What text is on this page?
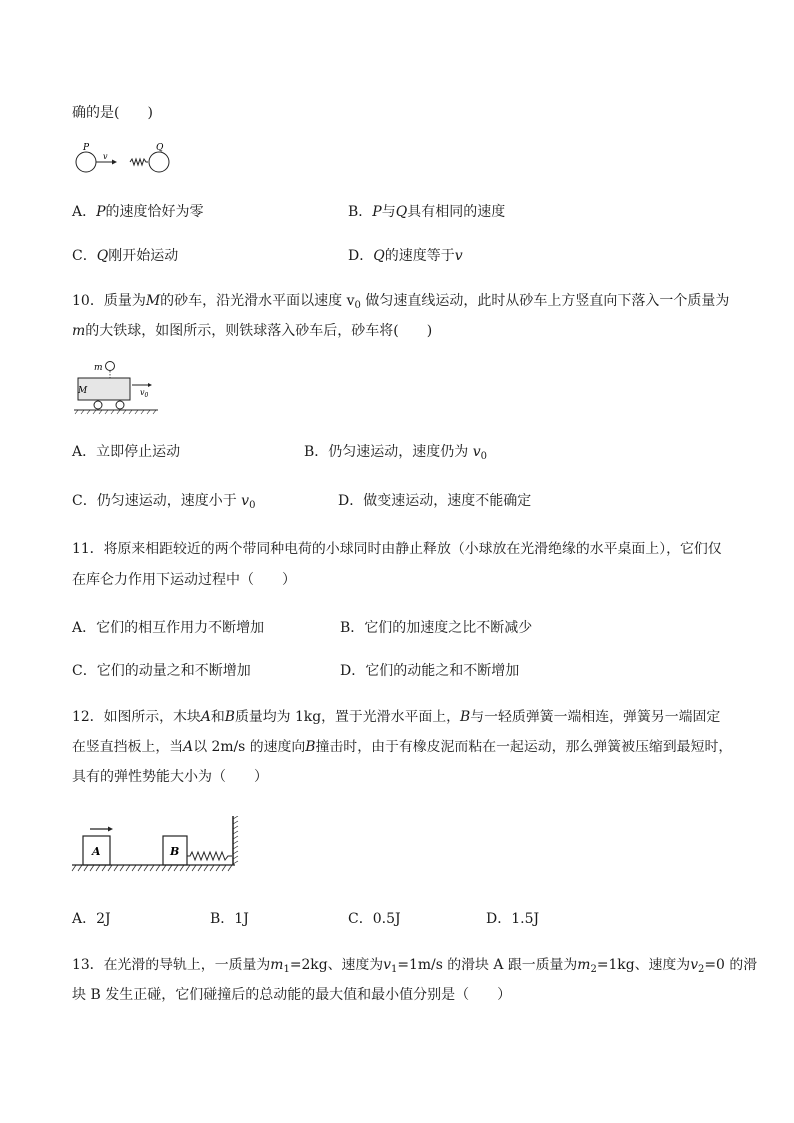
确的是(　　)
P
v
Q
A．P的速度恰好为零	B．P与Q具有相同的速度
C．Q刚开始运动	D．Q的速度等于v
10．质量为M的砂车，沿光滑水平面以速度 $v_0$ 做匀速直线运动，此时从砂车上方竖直向下落入一个质量为
m的大铁球，如图所示，则铁球落入砂车后，砂车将(　　)
m
M	$v_0$
A．立即停止运动	B．仍匀速运动，速度仍为 $v_0$
C．仍匀速运动，速度小于 $v_0$	D．做变速运动，速度不能确定
11．将原来相距较近的两个带同种电荷的小球同时由静止释放（小球放在光滑绝缘的水平桌面上），它们仅
在库仑力作用下运动过程中（　　）
A．它们的相互作用力不断增加	B．它们的加速度之比不断减少
C．它们的动量之和不断增加	D．它们的动能之和不断增加
12．如图所示，木块A和B质量均为 1kg，置于光滑水平面上，B与一轻质弹簧一端相连，弹簧另一端固定
在竖直挡板上，当A以 2m/s 的速度向B撞击时，由于有橡皮泥而粘在一起运动，那么弹簧被压缩到最短时，
具有的弹性势能大小为（　　）
A	B
A．2J	B．1J	C．0.5J	D．1.5J
13．在光滑的导轨上，一质量为$m_1=2kg$、速度为$v_1=1m/s$ 的滑块 A 跟一质量为$m_2=1kg$、速度为$v_2=0$ 的滑
块 B 发生正碰，它们碰撞后的总动能的最大值和最小值分别是（　　）
